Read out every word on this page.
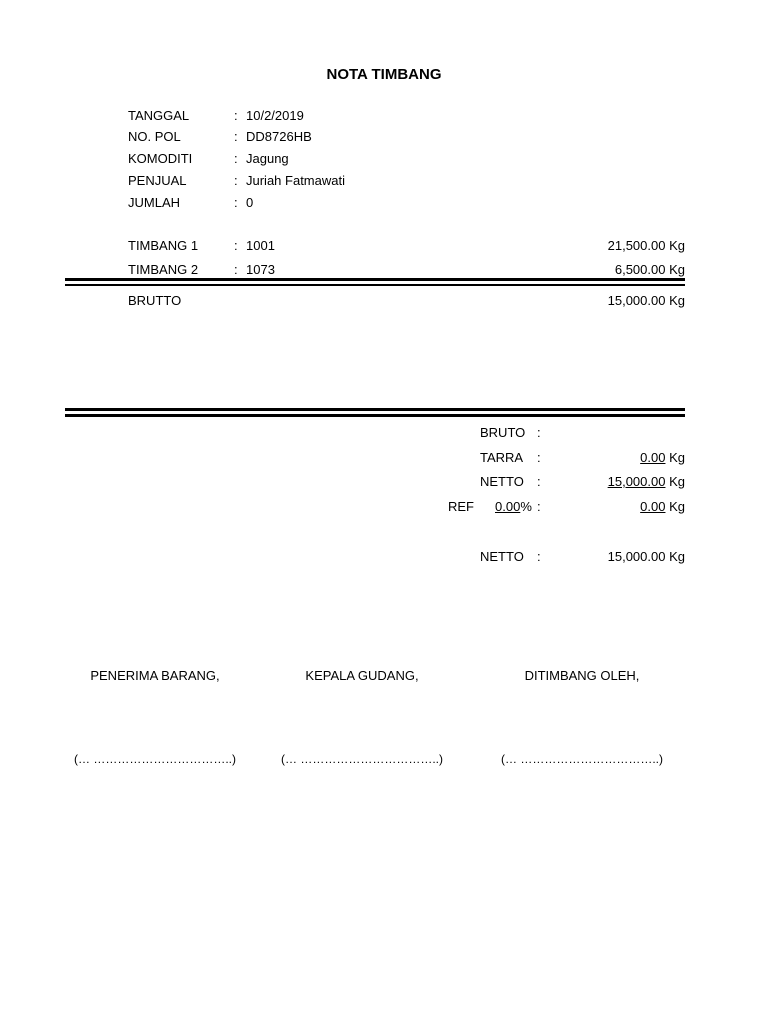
NOTA TIMBANG
TANGGAL	: 10/2/2019
NO. POL	: DD8726HB
KOMODITI	: Jagung
PENJUAL	: Juriah Fatmawati
JUMLAH	: 0
TIMBANG 1	: 1001	21,500.00 Kg
TIMBANG 2	: 1073	6,500.00 Kg
BRUTTO	15,000.00 Kg
BRUTO :
TARRA :	0.00 Kg
NETTO :	15,000.00 Kg
REF 0.00% :	0.00 Kg
NETTO :	15,000.00 Kg
PENERIMA BARANG,	KEPALA GUDANG,	DITIMBANG OLEH,
(… ……………………………..)	(… ……………………………..)	(… ……………………………..)
